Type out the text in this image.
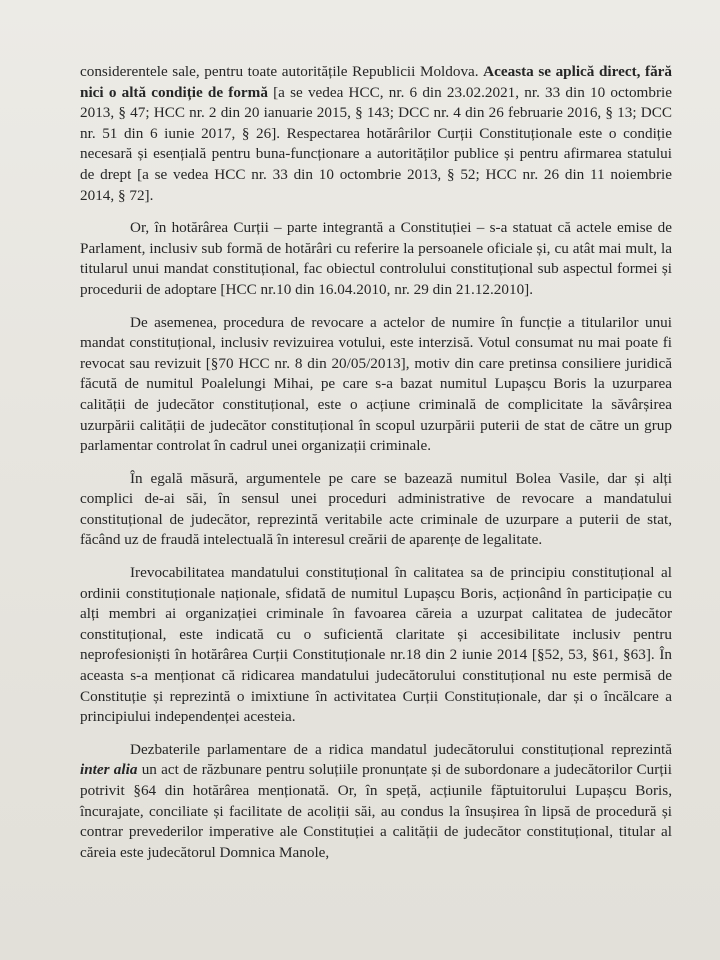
considerentele sale, pentru toate autoritățile Republicii Moldova. Aceasta se aplică direct, fără nici o altă condiție de formă [a se vedea HCC, nr. 6 din 23.02.2021, nr. 33 din 10 octombrie 2013, § 47; HCC nr. 2 din 20 ianuarie 2015, § 143; DCC nr. 4 din 26 februarie 2016, § 13; DCC nr. 51 din 6 iunie 2017, § 26]. Respectarea hotărârilor Curții Constituționale este o condiție necesară și esențială pentru buna-funcționare a autorităților publice și pentru afirmarea statului de drept [a se vedea HCC nr. 33 din 10 octombrie 2013, § 52; HCC nr. 26 din 11 noiembrie 2014, § 72].

Or, în hotărârea Curții – parte integrantă a Constituției – s-a statuat că actele emise de Parlament, inclusiv sub formă de hotărâri cu referire la persoanele oficiale și, cu atât mai mult, la titularul unui mandat constituțional, fac obiectul controlului constituțional sub aspectul formei și procedurii de adoptare [HCC nr.10 din 16.04.2010, nr. 29 din 21.12.2010].

De asemenea, procedura de revocare a actelor de numire în funcție a titularilor unui mandat constituțional, inclusiv revizuirea votului, este interzisă. Votul consumat nu mai poate fi revocat sau revizuit [§70 HCC nr. 8 din 20/05/2013], motiv din care pretinsa consiliere juridică făcută de numitul Poalelungi Mihai, pe care s-a bazat numitul Lupașcu Boris la uzurparea calității de judecător constituțional, este o acțiune criminală de complicitate la săvârșirea uzurpării calității de judecător constituțional în scopul uzurpării puterii de stat de către un grup parlamentar controlat în cadrul unei organizații criminale.

În egală măsură, argumentele pe care se bazează numitul Bolea Vasile, dar și alți complici de-ai săi, în sensul unei proceduri administrative de revocare a mandatului constituțional de judecător, reprezintă veritabile acte criminale de uzurpare a puterii de stat, făcând uz de fraudă intelectuală în interesul creării de aparențe de legalitate.

Irevocabilitatea mandatului constituțional în calitatea sa de principiu constituțional al ordinii constituționale naționale, sfidată de numitul Lupașcu Boris, acționând în participație cu alți membri ai organizației criminale în favoarea căreia a uzurpat calitatea de judecător constituțional, este indicată cu o suficientă claritate și accesibilitate inclusiv pentru neprofesioniști în hotărârea Curții Constituționale nr.18 din 2 iunie 2014 [§52, 53, §61, §63]. În aceasta s-a menționat că ridicarea mandatului judecătorului constituțional nu este permisă de Constituție și reprezintă o imixtiune în activitatea Curții Constituționale, dar și o încălcare a principiului independenței acesteia.

Dezbaterile parlamentare de a ridica mandatul judecătorului constituțional reprezintă inter alia un act de răzbunare pentru soluțiile pronunțate și de subordonare a judecătorilor Curții potrivit §64 din hotărârea menționată. Or, în speță, acțiunile făptuitorului Lupașcu Boris, încurajate, conciliate și facilitate de acoliții săi, au condus la însușirea în lipsă de procedură și contrar prevederilor imperative ale Constituției a calității de judecător constituțional, titular al căreia este judecătorul Domnica Manole,
